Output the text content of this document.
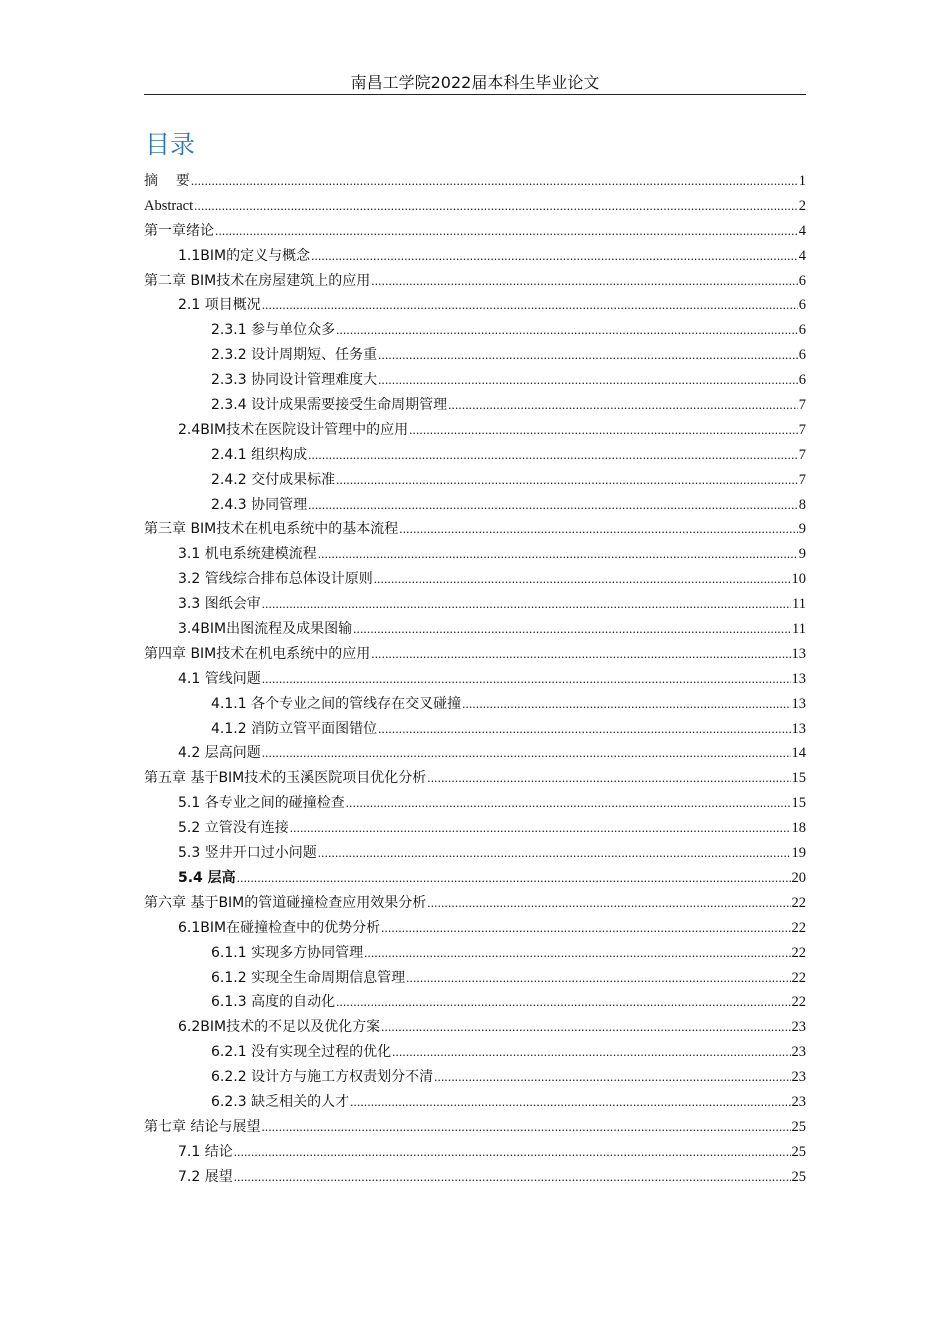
南昌工学院2022届本科生毕业论文
目录
摘    要 .....	1
Abstract .....	2
第一章绪论 .....	4
1.1BIM的定义与概念 .....	4
第二章 BIM技术在房屋建筑上的应用 .....	6
2.1 项目概况 .....	6
2.3.1 参与单位众多 .....	6
2.3.2 设计周期短、任务重 .....	6
2.3.3 协同设计管理难度大 .....	6
2.3.4 设计成果需要接受生命周期管理 .....	7
2.4BIM技术在医院设计管理中的应用 .....	7
2.4.1 组织构成 .....	7
2.4.2 交付成果标准 .....	7
2.4.3 协同管理 .....	8
第三章 BIM技术在机电系统中的基本流程 .....	9
3.1 机电系统建模流程 .....	9
3.2 管线综合排布总体设计原则 .....	10
3.3 图纸会审 .....	11
3.4BIM出图流程及成果图输 .....	11
第四章 BIM技术在机电系统中的应用 .....	13
4.1 管线问题 .....	13
4.1.1 各个专业之间的管线存在交叉碰撞 .....	13
4.1.2 消防立管平面图错位 .....	13
4.2 层高问题 .....	14
第五章 基于BIM技术的玉溪医院项目优化分析 .....	15
5.1 各专业之间的碰撞检查 .....	15
5.2 立管没有连接 .....	18
5.3 竖井开口过小问题 .....	19
5.4 层高 .....	20
第六章 基于BIM的管道碰撞检查应用效果分析 .....	22
6.1BIM在碰撞检查中的优势分析 .....	22
6.1.1 实现多方协同管理 .....	22
6.1.2 实现全生命周期信息管理 .....	22
6.1.3 高度的自动化 .....	22
6.2BIM技术的不足以及优化方案 .....	23
6.2.1 没有实现全过程的优化 .....	23
6.2.2 设计方与施工方权责划分不清 .....	23
6.2.3 缺乏相关的人才 .....	23
第七章 结论与展望 .....	25
7.1 结论 .....	25
7.2 展望 .....	25
